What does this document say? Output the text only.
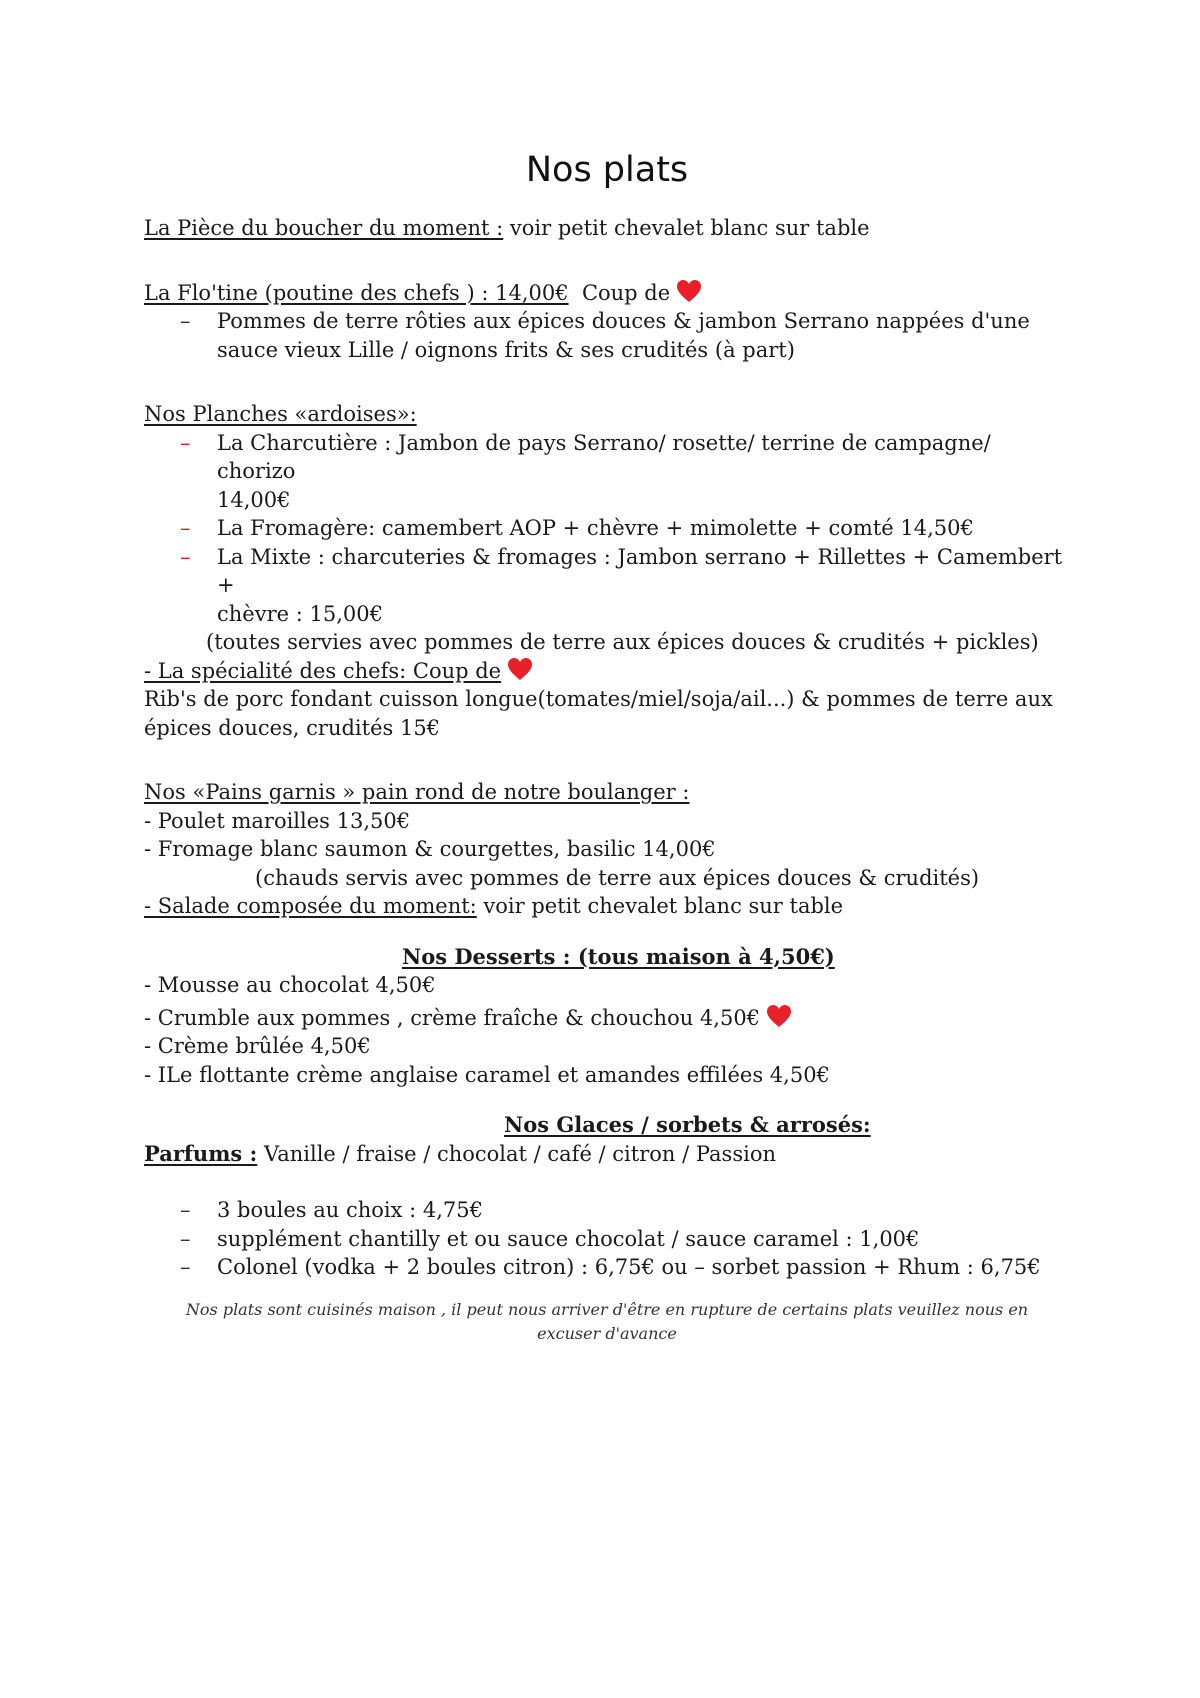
Nos plats

La Pièce du boucher du moment : voir petit chevalet blanc sur table

La Flo'tine (poutine des chefs ) : 14,00€ Coup de

– Pommes de terre rôties aux épices douces & jambon Serrano nappées d'une
sauce vieux Lille / oignons frits & ses crudités (à part)

Nos Planches «ardoises»:

– La Charcutière : Jambon de pays Serrano/ rosette/ terrine de campagne/ chorizo
14,00€
– La Fromagère: camembert AOP + chèvre + mimolette + comté 14,50€
– La Mixte : charcuteries & fromages : Jambon serrano + Rillettes + Camembert +
chèvre : 15,00€

(toutes servies avec pommes de terre aux épices douces & crudités + pickles)

- La spécialité des chefs: Coup de

Rib's de porc fondant cuisson longue(tomates/miel/soja/ail...) & pommes de terre aux

épices douces, crudités 15€

Nos «Pains garnis » pain rond de notre boulanger :

- Poulet maroilles 13,50€

- Fromage blanc saumon & courgettes, basilic 14,00€

(chauds servis avec pommes de terre aux épices douces & crudités)

- Salade composée du moment: voir petit chevalet blanc sur table

Nos Desserts : (tous maison à 4,50€)

- Mousse au chocolat 4,50€

- Crumble aux pommes , crème fraîche & chouchou 4,50€

- Crème brûlée 4,50€

- ILe flottante crème anglaise caramel et amandes effilées 4,50€

Nos Glaces / sorbets & arrosés:

Parfums : Vanille / fraise / chocolat / café / citron / Passion

– 3 boules au choix : 4,75€
– supplément chantilly et ou sauce chocolat / sauce caramel : 1,00€
– Colonel (vodka + 2 boules citron) : 6,75€ ou – sorbet passion + Rhum : 6,75€
Nos plats sont cuisinés maison , il peut nous arriver d'être en rupture de certains plats veuillez nous en
excuser d'avance
